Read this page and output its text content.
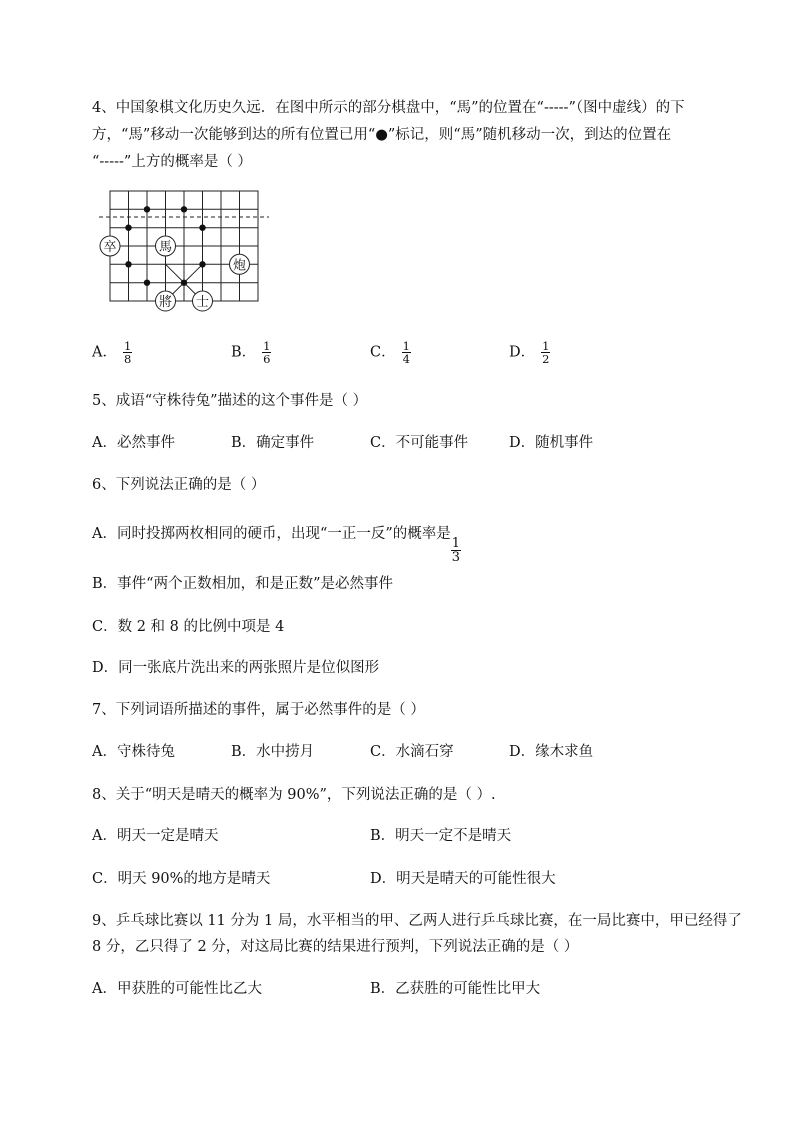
4、中国象棋文化历史久远．在图中所示的部分棋盘中，“馬”的位置在“-----”（图中虚线）的下
方，“馬”移动一次能够到达的所有位置已用“●”标记，则“馬”随机移动一次，到达的位置在
“-----”上方的概率是（ ）
卒	馬
炮
將 士
A． $\frac{1}{8}$	B． $\frac{1}{6}$	C． $\frac{1}{4}$	D． $\frac{1}{2}$
5、成语“守株待兔”描述的这个事件是（ ）
A．必然事件	B．确定事件	C．不可能事件	D．随机事件
6、下列说法正确的是（ ）
A．同时投掷两枚相同的硬币，出现“一正一反”的概率是
$\frac{1}{3}$
B．事件“两个正数相加，和是正数”是必然事件
C．数 2 和 8 的比例中项是 4
D．同一张底片洗出来的两张照片是位似图形
7、下列词语所描述的事件，属于必然事件的是（ ）
A．守株待兔	B．水中捞月	C．水滴石穿	D．缘木求鱼
8、关于“明天是晴天的概率为 90%”，下列说法正确的是（ ）.
A．明天一定是晴天	B．明天一定不是晴天
C．明天 90%的地方是晴天	D．明天是晴天的可能性很大
9、乒乓球比赛以 11 分为 1 局，水平相当的甲、乙两人进行乒乓球比赛，在一局比赛中，甲已经得了
8 分，乙只得了 2 分，对这局比赛的结果进行预判，下列说法正确的是（ ）
A．甲获胜的可能性比乙大	B．乙获胜的可能性比甲大
